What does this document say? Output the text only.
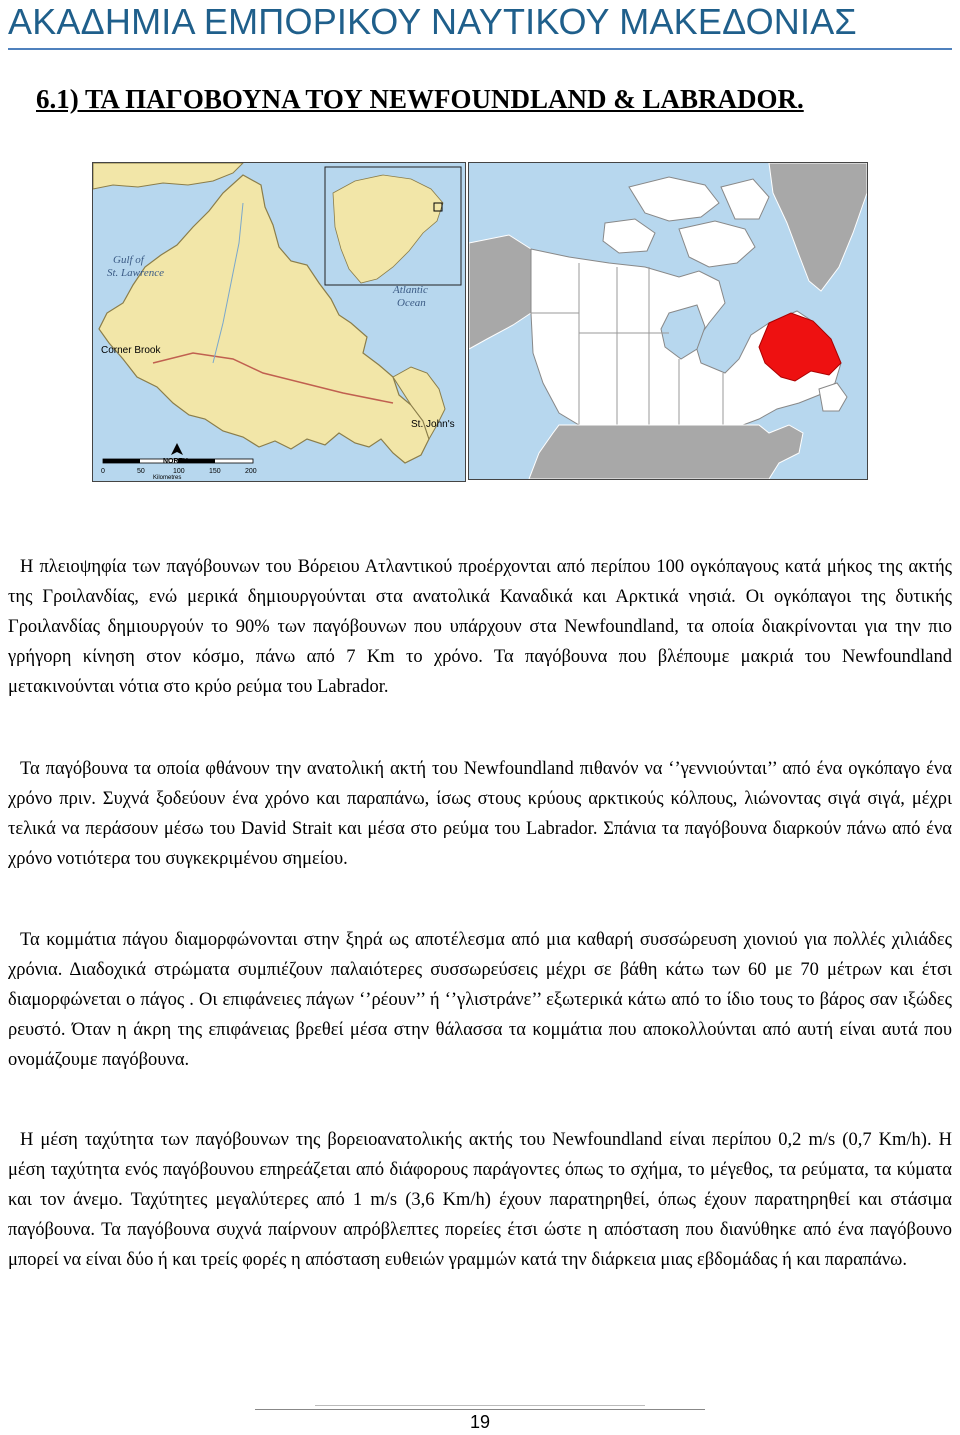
ΑΚΑΔΗΜΙΑ ΕΜΠΟΡΙΚΟΥ ΝΑΥΤΙΚΟΥ ΜΑΚΕΔΟΝΙΑΣ
6.1) ΤΑ ΠΑΓΟΒΟΥΝΑ ΤΟΥ NEWFOUNDLAND & LABRADOR.
Gulf of
St. Lawrence
Atlantic
Ocean
Corner Brook
St. John's
0	50	100	150	200
Kilometres
NORTH

Η πλειοψηφία των παγόβουνων του Βόρειου Ατλαντικού προέρχονται από περίπου 100 ογκόπαγους κατά μήκος της ακτής της Γροιλανδίας, ενώ μερικά δημιουργούνται στα ανατολικά Καναδικά και Αρκτικά νησιά. Οι ογκόπαγοι της δυτικής Γροιλανδίας δημιουργούν το 90% των παγόβουνων που υπάρχουν στα Newfoundland, τα οποία διακρίνονται για την πιο γρήγορη κίνηση στον κόσμο, πάνω από 7 Km το χρόνο. Τα παγόβουνα που βλέπουμε μακριά του Newfoundland μετακινούνται νότια στο κρύο ρεύμα του Labrador.

Τα παγόβουνα τα οποία φθάνουν την ανατολική ακτή του Newfoundland πιθανόν να ‘’γεννιούνται’’ από ένα ογκόπαγο ένα χρόνο πριν. Συχνά ξοδεύουν ένα χρόνο και παραπάνω, ίσως στους κρύους αρκτικούς κόλπους, λιώνοντας σιγά σιγά, μέχρι τελικά να περάσουν μέσω του David Strait και μέσα στο ρεύμα του Labrador. Σπάνια τα παγόβουνα διαρκούν πάνω από ένα χρόνο νοτιότερα του συγκεκριμένου σημείου.

Τα κομμάτια πάγου διαμορφώνονται στην ξηρά ως αποτέλεσμα από μια καθαρή συσσώρευση χιονιού για πολλές χιλιάδες χρόνια. Διαδοχικά στρώματα συμπιέζουν παλαιότερες συσσωρεύσεις μέχρι σε βάθη κάτω των 60 με 70 μέτρων και έτσι διαμορφώνεται ο πάγος . Οι επιφάνειες πάγων ‘’ρέουν’’ ή ‘’γλιστράνε’’ εξωτερικά κάτω από το ίδιο τους το βάρος σαν ιξώδες ρευστό. Όταν η άκρη της επιφάνειας βρεθεί μέσα στην θάλασσα τα κομμάτια που αποκολλούνται από αυτή είναι αυτά που ονομάζουμε παγόβουνα.

Η μέση ταχύτητα των παγόβουνων της βορειοανατολικής ακτής του Newfoundland είναι περίπου 0,2 m/s (0,7 Km/h). Η μέση ταχύτητα ενός παγόβουνου επηρεάζεται από διάφορους παράγοντες όπως το σχήμα, το μέγεθος, τα ρεύματα, τα κύματα και τον άνεμο. Ταχύτητες μεγαλύτερες από 1 m/s (3,6 Km/h) έχουν παρατηρηθεί, όπως έχουν παρατηρηθεί και στάσιμα παγόβουνα. Τα παγόβουνα συχνά παίρνουν απρόβλεπτες πορείες έτσι ώστε η απόσταση που διανύθηκε από ένα παγόβουνο μπορεί να είναι δύο ή και τρείς φορές η απόσταση ευθειών γραμμών κατά την διάρκεια μιας εβδομάδας ή και παραπάνω.

19
